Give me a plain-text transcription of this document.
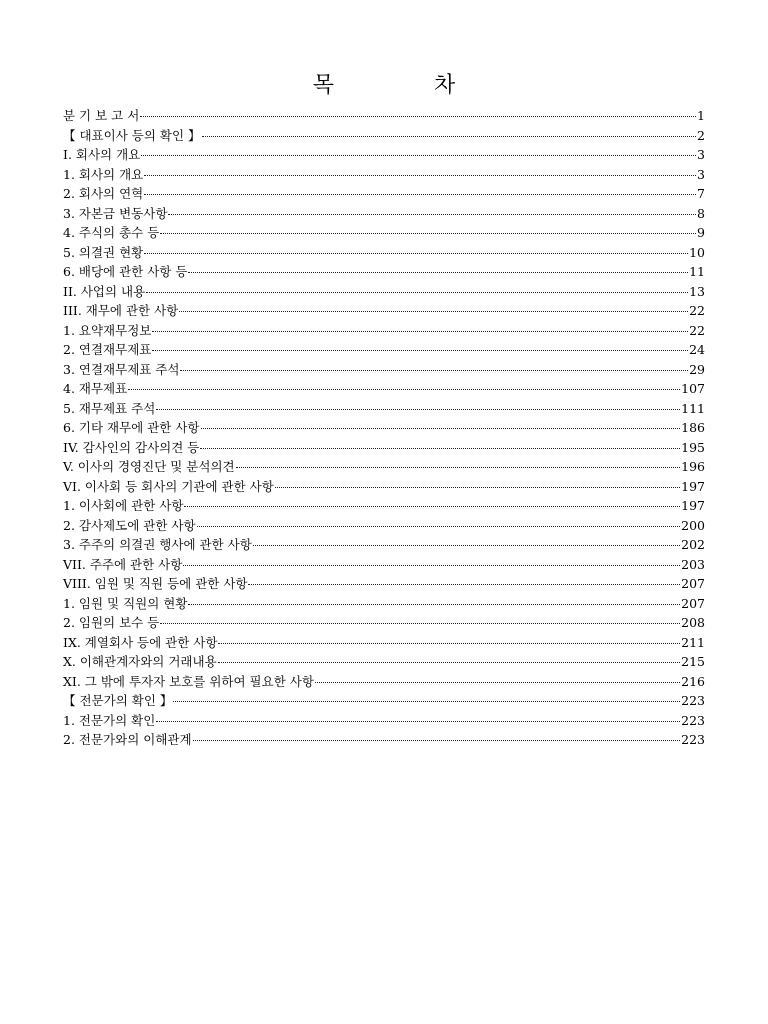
목	차
분 기 보 고 서	1
【 대표이사 등의 확인 】	2
I. 회사의 개요	3
1. 회사의 개요	3
2. 회사의 연혁	7
3. 자본금 변동사항	8
4. 주식의 총수 등	9
5. 의결권 현황	10
6. 배당에 관한 사항 등	11
II. 사업의 내용	13
III. 재무에 관한 사항	22
1. 요약재무정보	22
2. 연결재무제표	24
3. 연결재무제표 주석	29
4. 재무제표	107
5. 재무제표 주석	111
6. 기타 재무에 관한 사항	186
IV. 감사인의 감사의견 등	195
V. 이사의 경영진단 및 분석의견	196
VI. 이사회 등 회사의 기관에 관한 사항	197
1. 이사회에 관한 사항	197
2. 감사제도에 관한 사항	200
3. 주주의 의결권 행사에 관한 사항	202
VII. 주주에 관한 사항	203
VIII. 임원 및 직원 등에 관한 사항	207
1. 임원 및 직원의 현황	207
2. 임원의 보수 등	208
IX. 계열회사 등에 관한 사항	211
X. 이해관계자와의 거래내용	215
XI. 그 밖에 투자자 보호를 위하여 필요한 사항	216
【 전문가의 확인 】	223
1. 전문가의 확인	223
2. 전문가와의 이해관계	223
